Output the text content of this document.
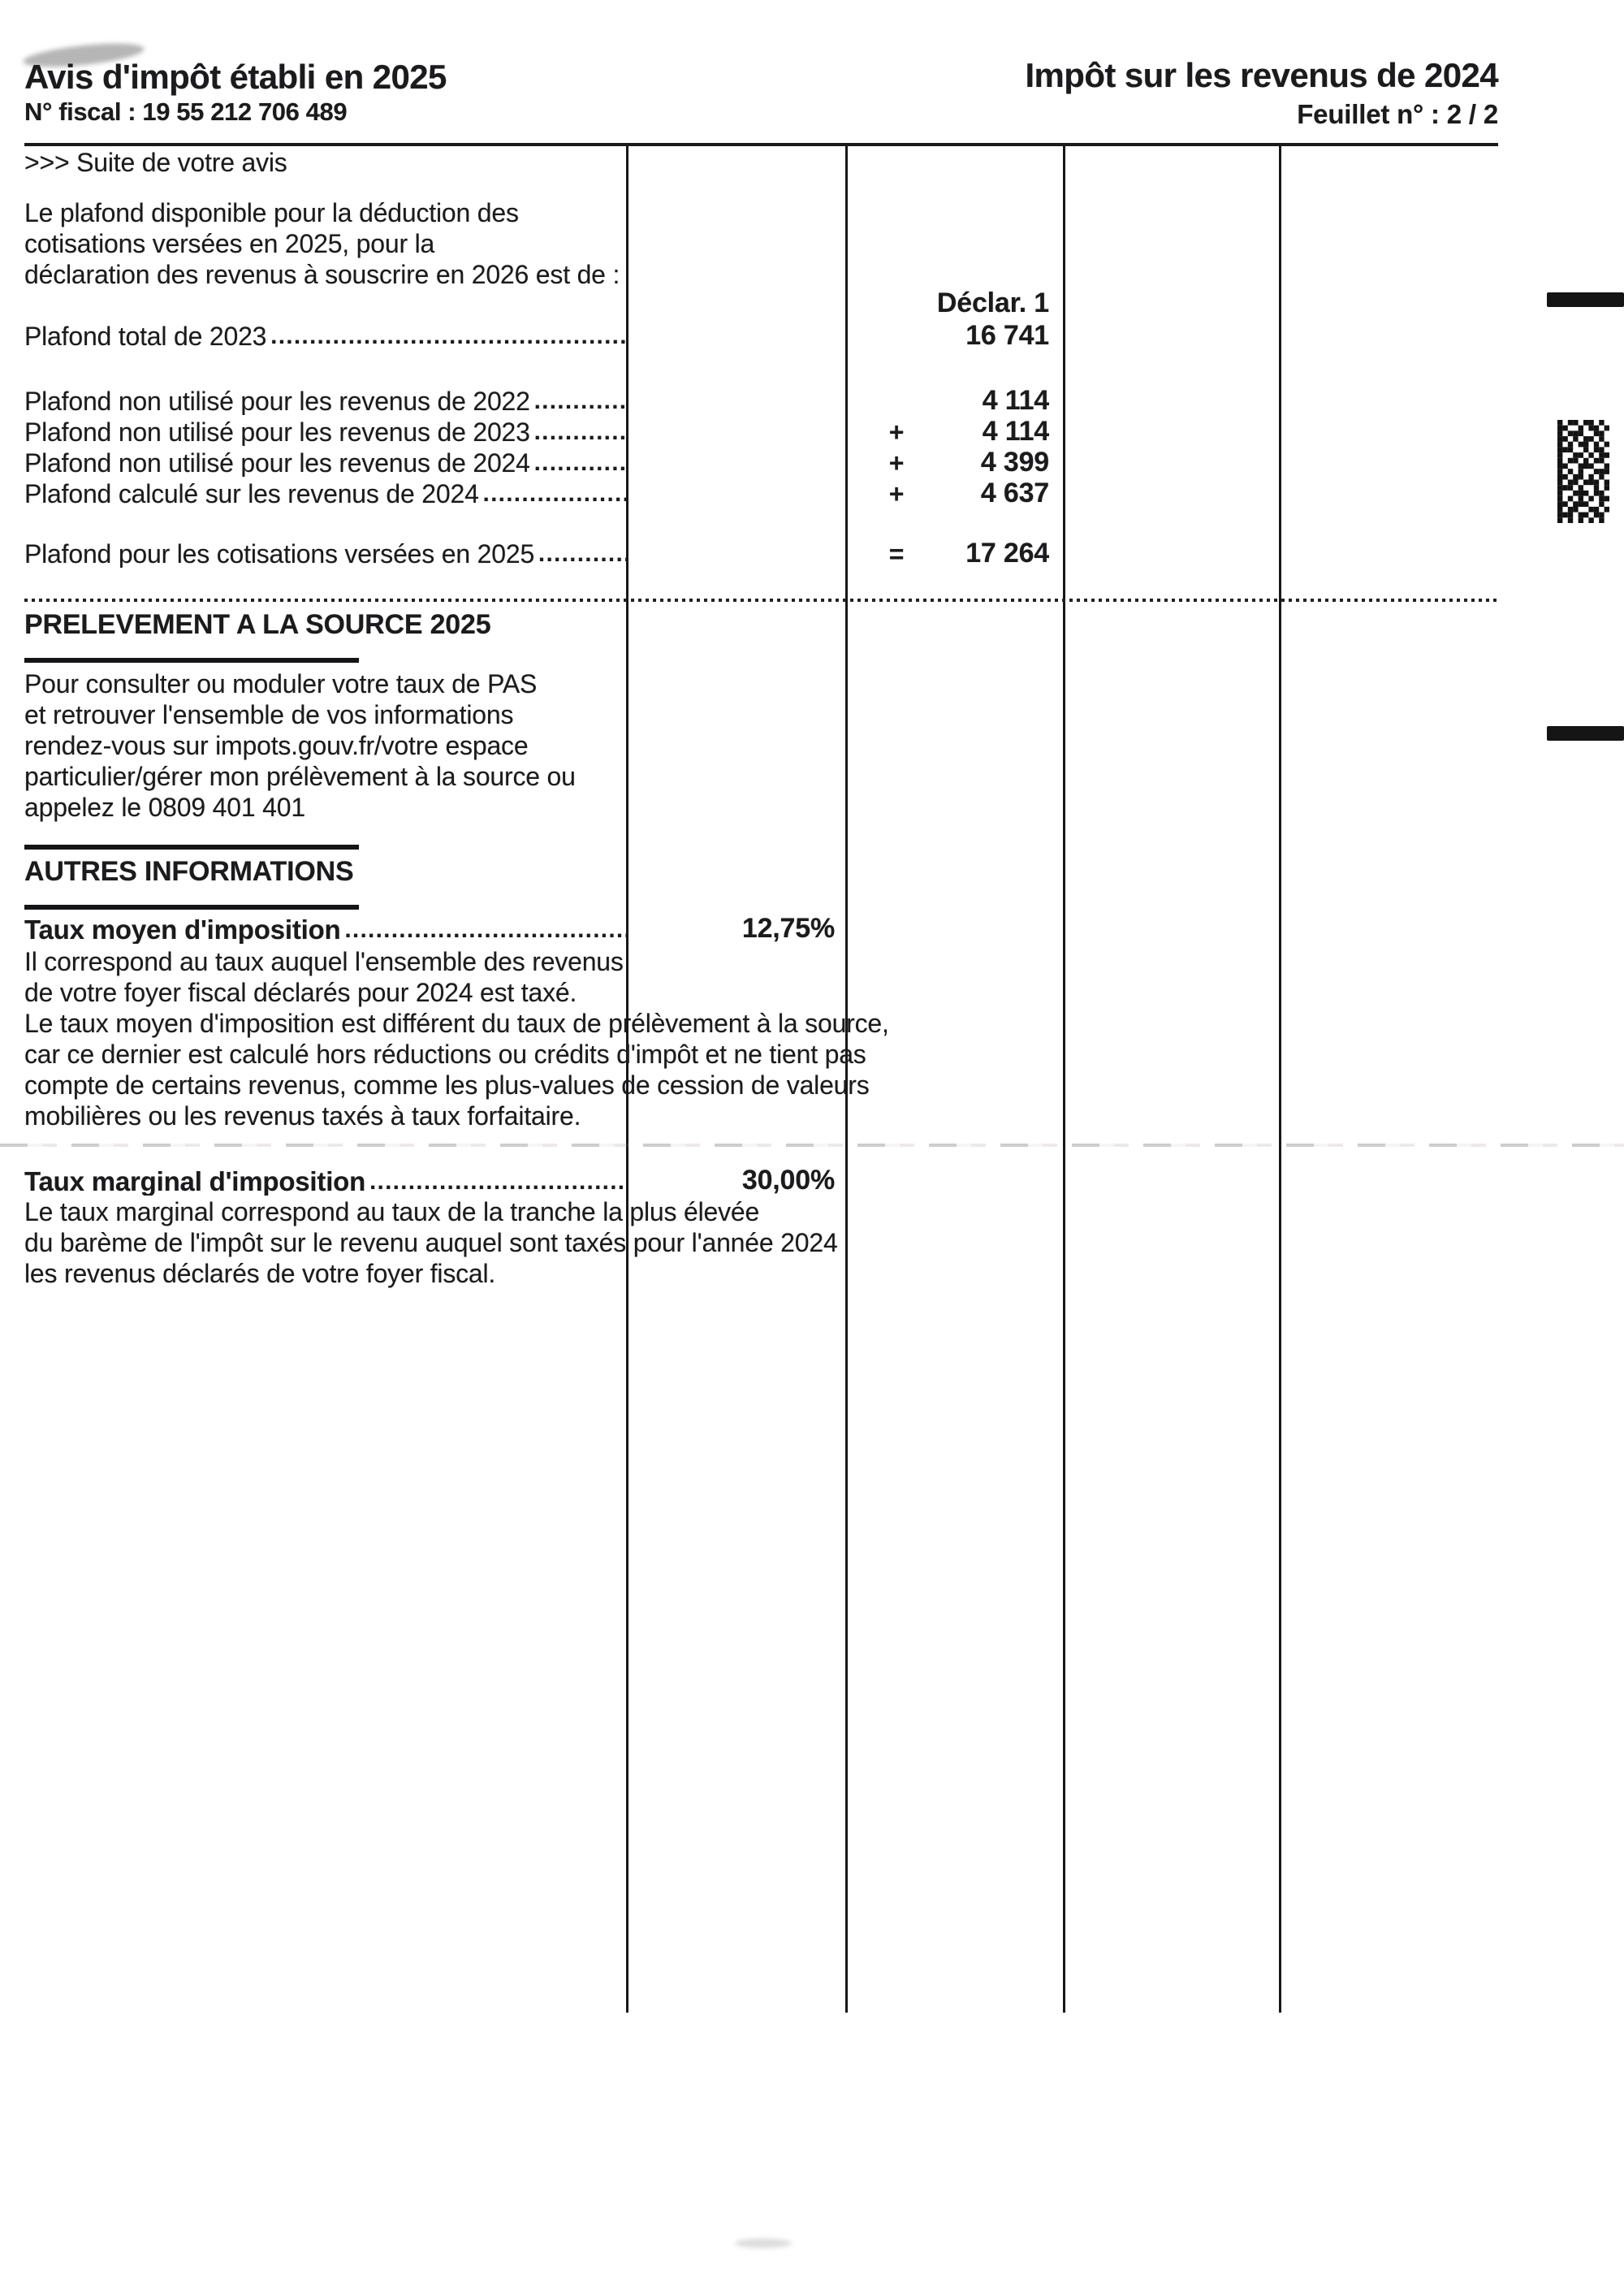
Avis d'impôt établi en 2025
N° fiscal : 19 55 212 706 489
Impôt sur les revenus de 2024
Feuillet n° : 2 / 2
>>> Suite de votre avis
Le plafond disponible pour la déduction des
cotisations versées en 2025, pour la
déclaration des revenus à souscrire en 2026 est de :
Déclar. 1
Plafond total de 2023 .....	16 741
Plafond non utilisé pour les revenus de 2022 .....	4 114
Plafond non utilisé pour les revenus de 2023 .....	+	4 114
Plafond non utilisé pour les revenus de 2024 .....	+	4 399
Plafond calculé sur les revenus de 2024 .....	+	4 637
Plafond pour les cotisations versées en 2025 .....	=	17 264
PRELEVEMENT A LA SOURCE 2025
Pour consulter ou moduler votre taux de PAS
et retrouver l'ensemble de vos informations
rendez-vous sur impots.gouv.fr/votre espace
particulier/gérer mon prélèvement à la source ou
appelez le 0809 401 401
AUTRES INFORMATIONS
Taux moyen d'imposition .....	12,75%
Il correspond au taux auquel l'ensemble des revenus
de votre foyer fiscal déclarés pour 2024 est taxé.
Le taux moyen d'imposition est différent du taux de prélèvement à la source,
car ce dernier est calculé hors réductions ou crédits d'impôt et ne tient pas
compte de certains revenus, comme les plus-values de cession de valeurs
mobilières ou les revenus taxés à taux forfaitaire.
Taux marginal d'imposition .....	30,00%
Le taux marginal correspond au taux de la tranche la plus élevée
du barème de l'impôt sur le revenu auquel sont taxés pour l'année 2024
les revenus déclarés de votre foyer fiscal.
